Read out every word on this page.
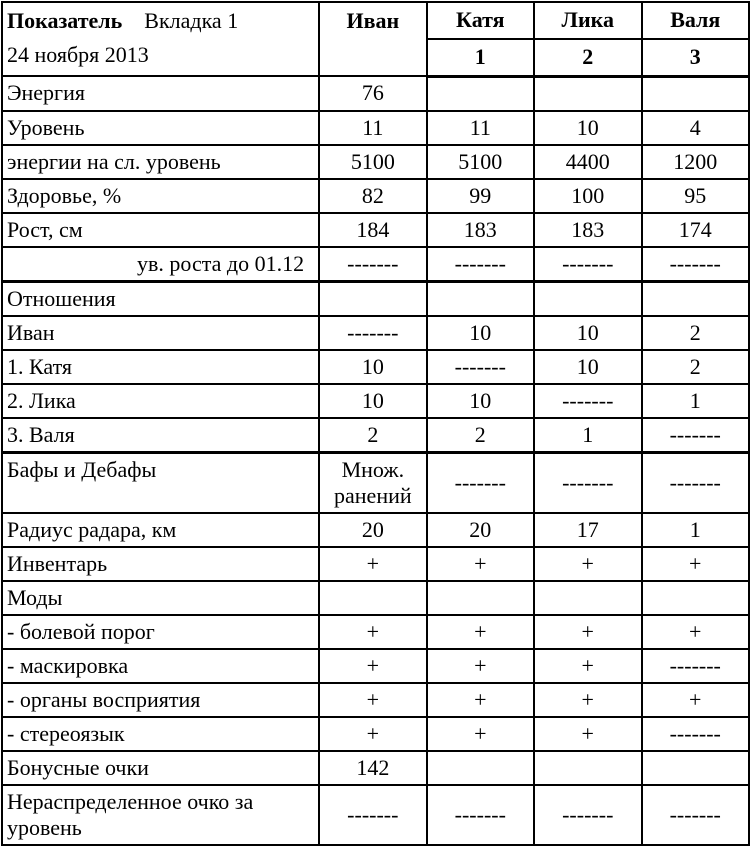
Показатель Вкладка 1
24 ноября 2013	Иван	Катя	Лика	Валя
		1	2	3
Энергия	76			
Уровень	11	11	10	4
энергии на сл. уровень	5100	5100	4400	1200
Здоровье, %	82	99	100	95
Рост, см	184	183	183	174
ув. роста до 01.12	-------	-------	-------	-------
Отношения				
Иван	-------	10	10	2
1. Катя	10	-------	10	2
2. Лика	10	10	-------	1
3. Валя	2	2	1	-------
Бафы и Дебафы	Множ. ранений	-------	-------	-------
Радиус радара, км	20	20	17	1
Инвентарь	+	+	+	+
Моды				
- болевой порог	+	+	+	+
- маскировка	+	+	+	-------
- органы восприятия	+	+	+	+
- стереоязык	+	+	+	-------
Бонусные очки	142			
Нераспределенное очко за уровень	-------	-------	-------	-------
